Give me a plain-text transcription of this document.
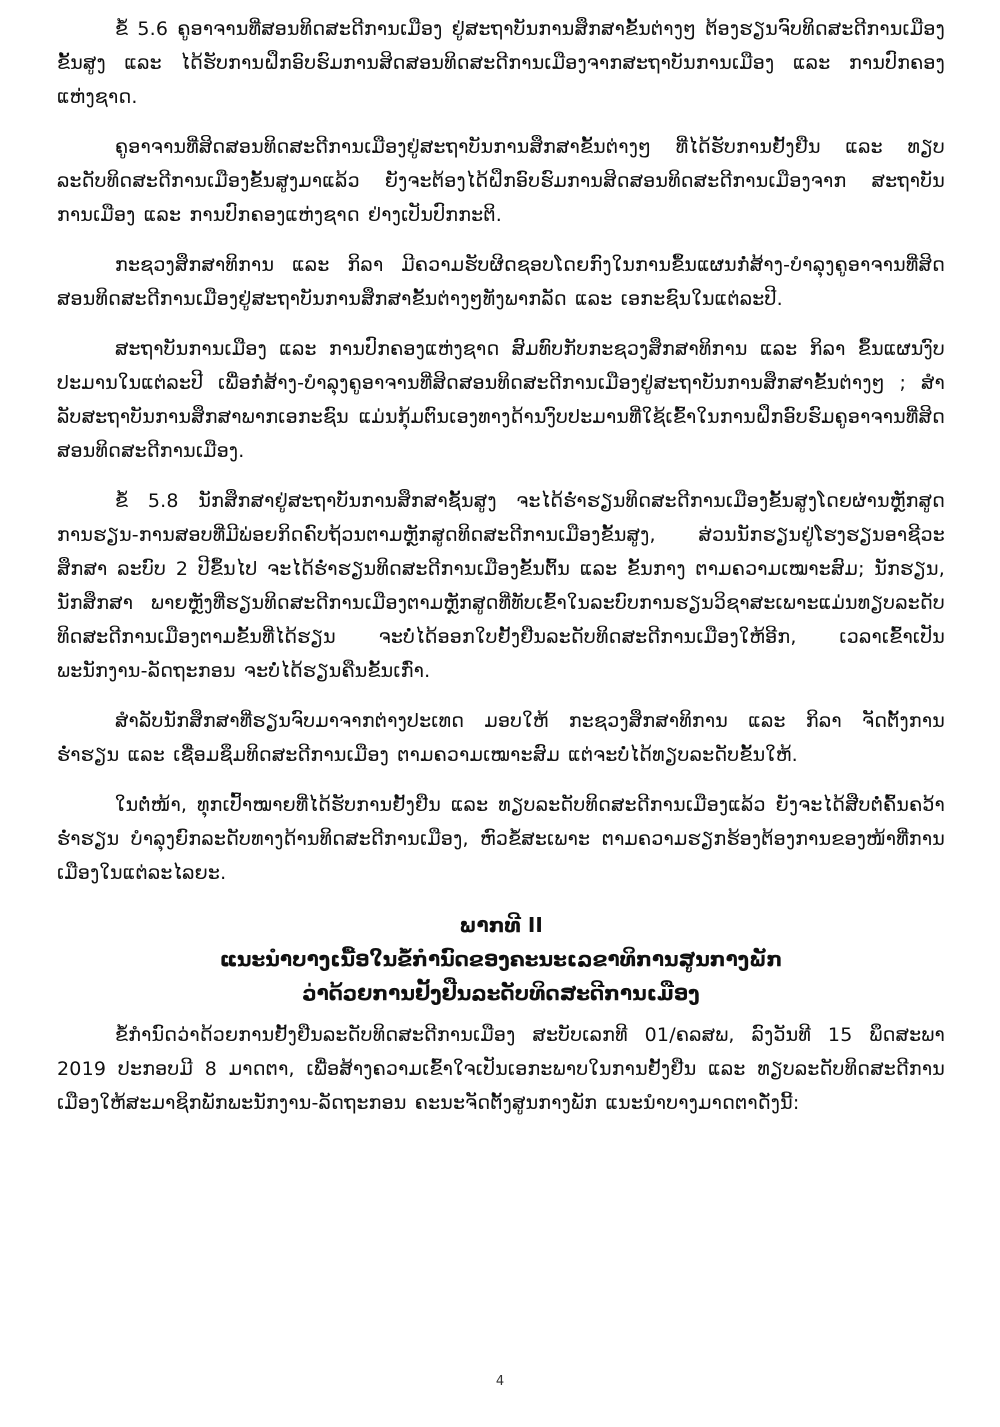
ຂໍ້ 5.6 ຄູອາຈານທີ່ສອນທິດສະດີການເມືອງ ຢູ່ສະຖາບັນການສຶກສາຂັ້ນຕ່າງໆ ຕ້ອງຮຽນຈົບທິດສະດີການເມືອງຂັ້ນສູງ ແລະ ໄດ້ຮັບການຝຶກອົບຮົມການສິດສອນທິດສະດີການເມືອງຈາກສະຖາບັນການເມືອງ ແລະ ການປົກຄອງແຫ່ງຊາດ.

ຄູອາຈານທີ່ສິດສອນທິດສະດີການເມືອງຢູ່ສະຖາບັນການສຶກສາຂັ້ນຕ່າງໆ ທີ່ໄດ້ຮັບການຢັ້ງຢືນ ແລະ ທຽບລະດັບທິດສະດີການເມືອງຂັ້ນສູງມາແລ້ວ ຍັງຈະຕ້ອງໄດ້ຝຶກອົບຮົມການສິດສອນທິດສະດີການເມືອງຈາກ ສະຖາບັນການເມືອງ ແລະ ການປົກຄອງແຫ່ງຊາດ ຢ່າງເປັນປົກກະຕິ.

ກະຊວງສຶກສາທິການ ແລະ ກິລາ ມີຄວາມຮັບຜິດຊອບໂດຍກົງໃນການຂຶ້ນແຜນກໍ່ສ້າງ-ບໍາລຸງຄູອາຈານທີ່ສິດສອນທິດສະດີການເມືອງຢູ່ສະຖາບັນການສຶກສາຂັ້ນຕ່າງໆທັງພາກລັດ ແລະ ເອກະຊົນໃນແຕ່ລະປີ.

ສະຖາບັນການເມືອງ ແລະ ການປົກຄອງແຫ່ງຊາດ ສົມທົບກັບກະຊວງສຶກສາທິການ ແລະ ກິລາ ຂຶ້ນແຜນງົບປະມານໃນແຕ່ລະປີ ເພື່ອກໍ່ສ້າງ-ບໍາລຸງຄູອາຈານທີ່ສິດສອນທິດສະດີການເມືອງຢູ່ສະຖາບັນການສຶກສາຂັ້ນຕ່າງໆ ; ສໍາລັບສະຖາບັນການສຶກສາພາກເອກະຊົນ ແມ່ນກຸ້ມຕົນເອງທາງດ້ານງົບປະມານທີ່ໃຊ້ເຂົ້າໃນການຝຶກອົບຮົມຄູອາຈານທີ່ສິດສອນທິດສະດີການເມືອງ.

ຂໍ້ 5.8 ນັກສຶກສາຢູ່ສະຖາບັນການສຶກສາຊັ້ນສູງ ຈະໄດ້ຮໍ່າຮຽນທິດສະດີການເມືອງຂັ້ນສູງໂດຍຜ່ານຫຼັກສູດການຮຽນ-ການສອບທີ່ມີພ່ອຍກິດຄົບຖ້ວນຕາມຫຼັກສູດທິດສະດີການເມືອງຂັ້ນສູງ, ສ່ວນນັກຮຽນຢູ່ໂຮງຮຽນອາຊີວະສຶກສາ ລະບົບ 2 ປີຂຶ້ນໄປ ຈະໄດ້ຮໍ່າຮຽນທິດສະດີການເມືອງຂັ້ນຕົ້ນ ແລະ ຂັ້ນກາງ ຕາມຄວາມເໝາະສົມ; ນັກຮຽນ, ນັກສຶກສາ ພາຍຫຼັງທີ່ຮຽນທິດສະດີການເມືອງຕາມຫຼັກສູດທີ່ທັບເຂົ້າໃນລະບົບການຮຽນວິຊາສະເພາະແມ່ນທຽບລະດັບທິດສະດີການເມືອງຕາມຂັ້ນທີ່ໄດ້ຮຽນ ຈະບໍ່ໄດ້ອອກໃບຢັ້ງຢືນລະດັບທິດສະດີການເມືອງໃຫ້ອີກ, ເວລາເຂົ້າເປັນພະນັກງານ-ລັດຖະກອນ ຈະບໍ່ໄດ້ຮຽນຄືນຂັ້ນເກົ່າ.

ສໍາລັບນັກສຶກສາທີ່ຮຽນຈົບມາຈາກຕ່າງປະເທດ ມອບໃຫ້ ກະຊວງສຶກສາທິການ ແລະ ກິລາ ຈັດຕັ້ງການຮໍ່າຮຽນ ແລະ ເຊື່ອມຊຶມທິດສະດີການເມືອງ ຕາມຄວາມເໝາະສົມ ແຕ່ຈະບໍ່ໄດ້ທຽບລະດັບຂັ້ນໃຫ້.

ໃນຕໍ່ໜ້າ, ທຸກເປົ້າໝາຍທີ່ໄດ້ຮັບການຢັ້ງຢືນ ແລະ ທຽບລະດັບທິດສະດີການເມືອງແລ້ວ ຍັງຈະໄດ້ສືບຕໍ່ຄົ້ນຄວ້າຮໍ່າຮຽນ ບໍາລຸງຍົກລະດັບທາງດ້ານທິດສະດີການເມືອງ, ຫົວຂໍ້ສະເພາະ ຕາມຄວາມຮຽກຮ້ອງຕ້ອງການຂອງໜ້າທີ່ການເມືອງໃນແຕ່ລະໄລຍະ.

ພາກທີ II
ແນະນໍາບາງເນື້ອໃນຂໍ້ກໍານົດຂອງຄະນະເລຂາທິການສູນກາງພັກ
ວ່າດ້ວຍການຢັ້ງຢືນລະດັບທິດສະດີການເມືອງ

ຂໍ້ກໍານົດວ່າດ້ວຍການຢັ້ງຢືນລະດັບທິດສະດີການເມືອງ ສະບັບເລກທີ 01/ຄລສພ, ລົງວັນທີ 15 ພຶດສະພາ 2019 ປະກອບມີ 8 ມາດຕາ, ເພື່ອສ້າງຄວາມເຂົ້າໃຈເປັນເອກະພາບໃນການຢັ້ງຢືນ ແລະ ທຽບລະດັບທິດສະດີການເມືອງໃຫ້ສະມາຊິກພັກພະນັກງານ-ລັດຖະກອນ ຄະນະຈັດຕັ້ງສູນກາງພັກ ແນະນໍາບາງມາດຕາດັ່ງນີ້:

4
